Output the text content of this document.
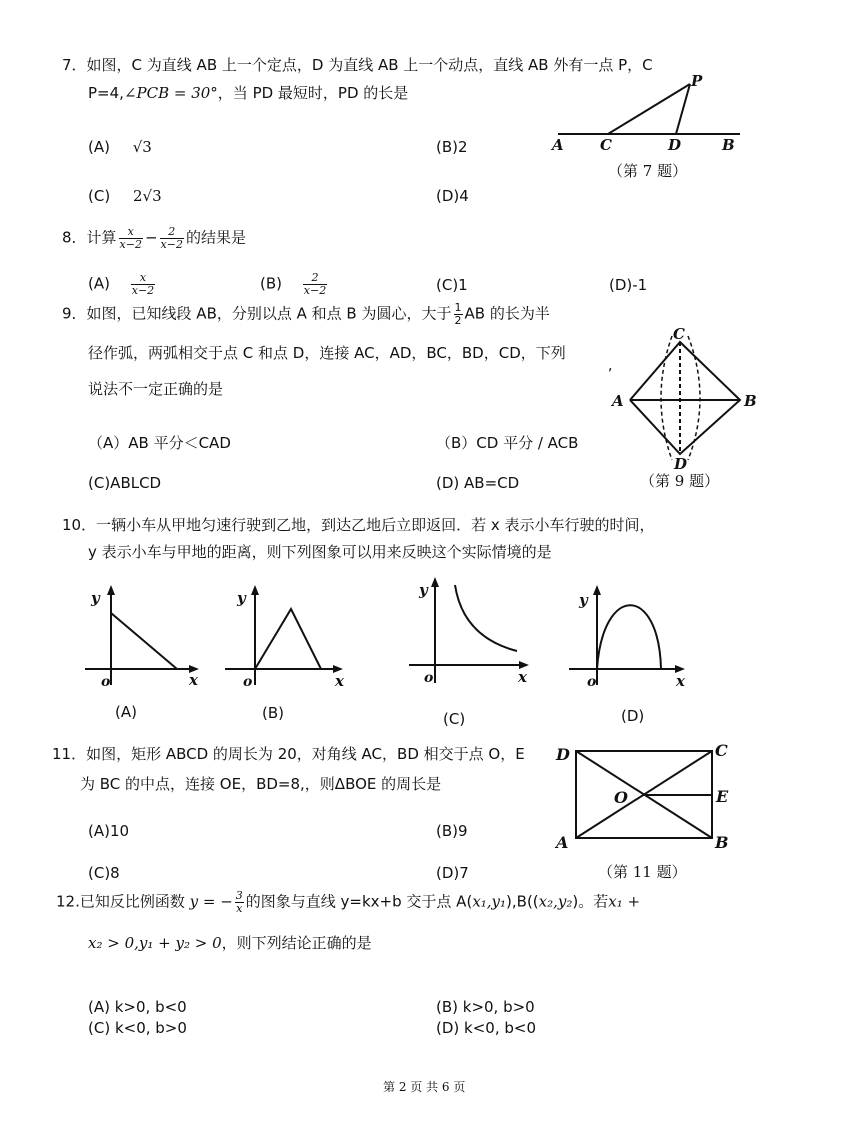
7．如图，C 为直线 AB 上一个定点，D 为直线 AB 上一个动点，直线 AB 外有一点 P，C
P=4,∠PCB = 30°，当 PD 最短时，PD 的长是
(A) √3	(B)2
(C) 2√3	(D)4
A C	D	B
P
（第 7 题）
8．计算 $\frac{x}{x-2} - \frac{2}{x-2}$ 的结果是
$(A) \frac{x}{x-2}$	$(B) \frac{2}{x-2}$	(C)1	(D)-1
9．如图，已知线段 AB，分别以点 A 和点 B 为圆心，大于 $\frac{1}{2}$ AB 的长为半
径作弧，两弧相交于点 C 和点 D，连接 AC，AD，BC，BD，CD，下列
说法不一定正确的是
（A）AB 平分＜CAD	（B）CD 平分 / ACB
(C)ABLCD	(D) AB=CD
,
C
A	B
D
（第 9 题）
10．一辆小车从甲地匀速行驶到乙地，到达乙地后立即返回．若 x 表示小车行驶的时间，
y 表示小车与甲地的距离，则下列图象可以用来反映这个实际情境的是
y
o	x
(A)
y
o	x
(B)
y
o	x
(C)
y
o	x
(D)
11．如图，矩形 ABCD 的周长为 20，对角线 AC，BD 相交于点 O，E
为 BC 的中点，连接 OE，BD=8,，则ΔBOE 的周长是
(A)10	(B)9
(C)8	(D)7
D	C
O	E
A	B
（第 11 题）
12.已知反比例函数 y = − $\frac{3}{x}$ 的图象与直线 y=kx+b 交于点 A(x₁,y₁),B((x₂,y₂)。若x₁ +
x₂ > 0,y₁ + y₂ > 0，则下列结论正确的是
(A) k>0, b<0	(B) k>0, b>0
(C) k<0, b>0	(D) k<0, b<0
第 2 页 共 6 页
